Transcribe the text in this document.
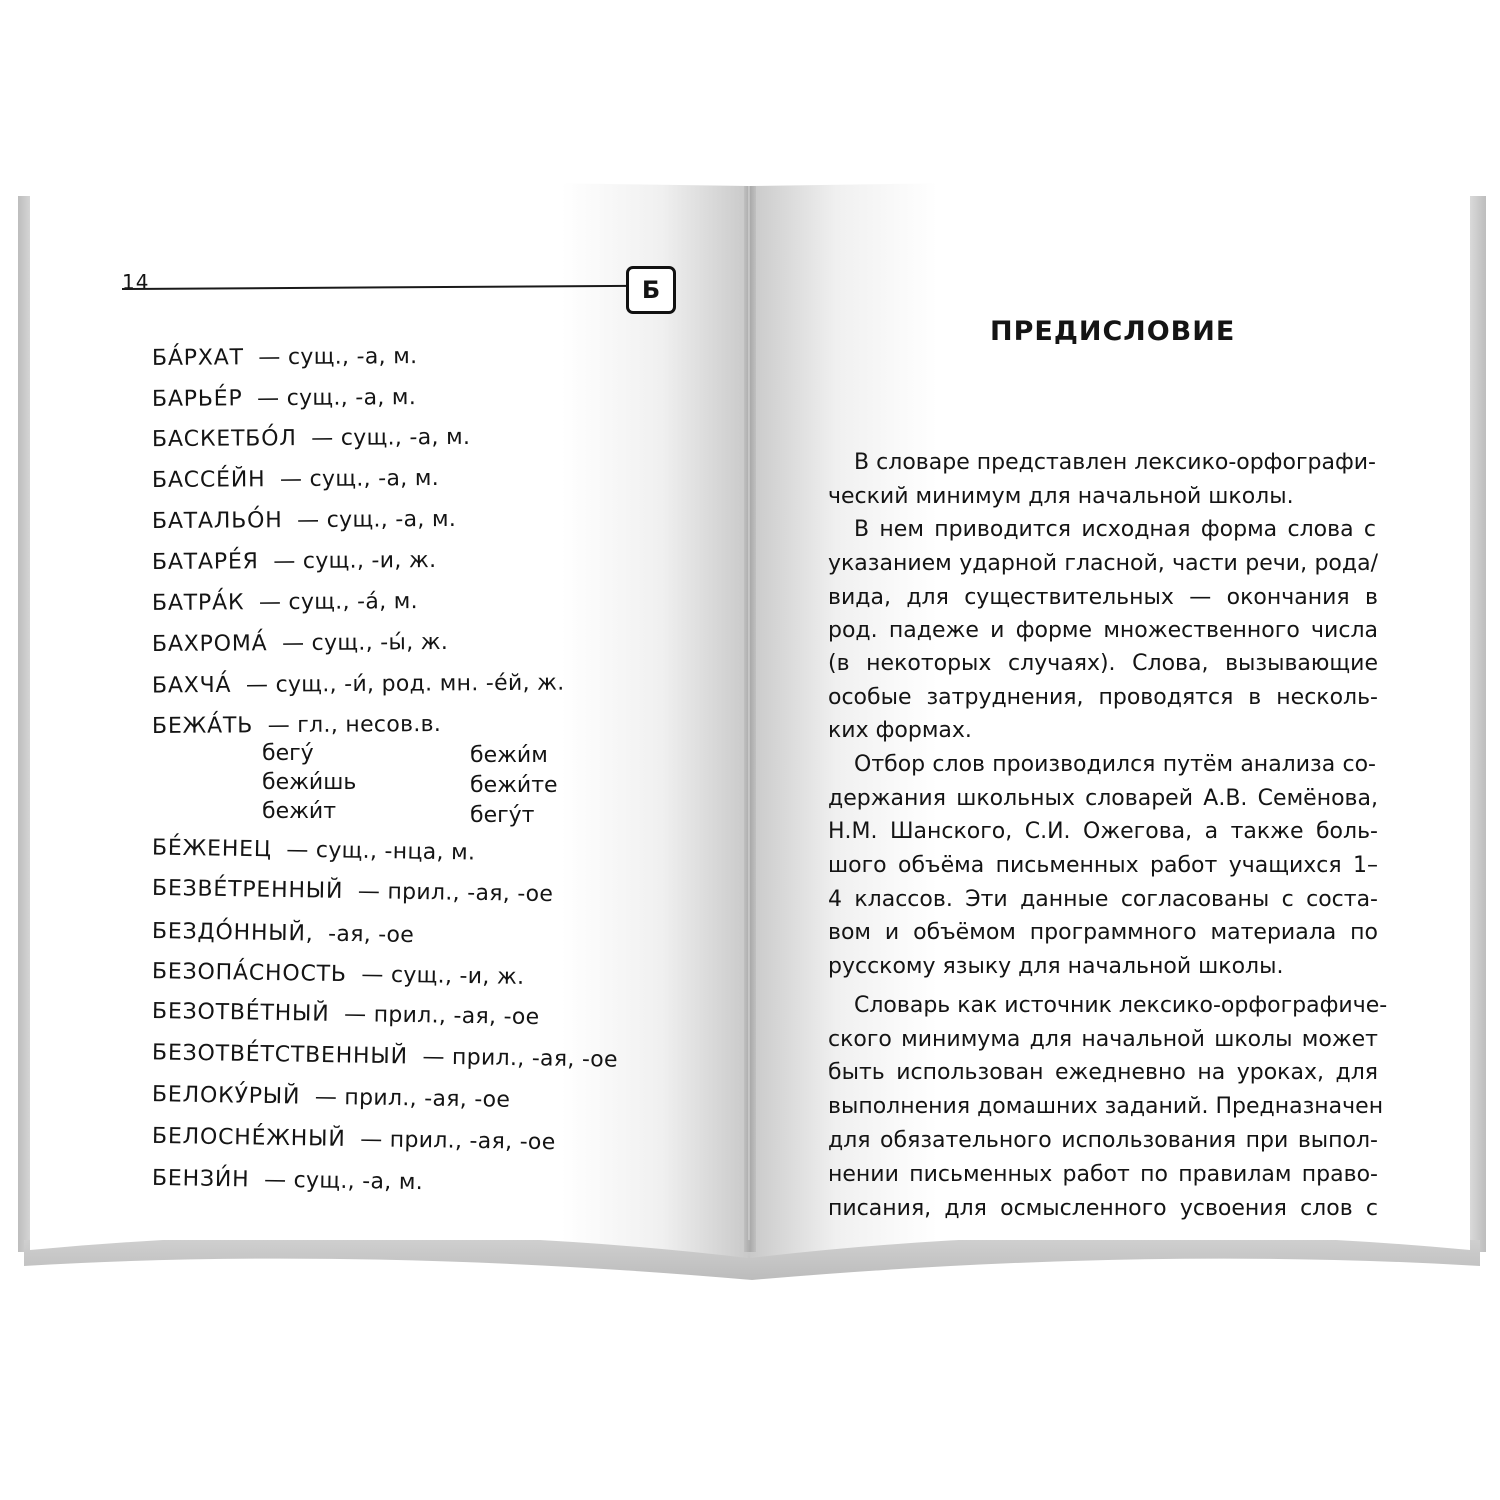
14	Б
БА́РХАТ — сущ., -а, м.
БАРЬЕ́Р — сущ., -а, м.
БАСКЕТБО́Л — сущ., -а, м.
БАССЕ́ЙН — сущ., -а, м.
БАТАЛЬО́Н — сущ., -а, м.
БАТАРЕ́Я — сущ., -и, ж.
БАТРА́К — сущ., -а́, м.
БАХРОМА́ — сущ., -ы́, ж.
БАХЧА́ — сущ., -и́, род. мн. -е́й, ж.
БЕЖА́ТЬ — гл., несов.в.
бегу́
бежи́шь
бежи́т
бежи́м
бежи́те
бегу́т
БЕ́ЖЕНЕЦ — сущ., -нца, м.
БЕЗВЕ́ТРЕННЫЙ — прил., -ая, -ое
БЕЗДО́ННЫЙ, -ая, -ое
БЕЗОПА́СНОСТЬ — сущ., -и, ж.
БЕЗОТВЕ́ТНЫЙ — прил., -ая, -ое
БЕЗОТВЕ́ТСТВЕННЫЙ — прил., -ая, -ое
БЕЛОКУ́РЫЙ — прил., -ая, -ое
БЕЛОСНЕ́ЖНЫЙ — прил., -ая, -ое
БЕНЗИ́Н — сущ., -а, м.
ПРЕДИСЛОВИЕ
В словаре представлен лексико-орфографи-
ческий минимум для начальной школы.
В нем приводится исходная форма слова с
указанием ударной гласной, части речи, рода/
вида, для существительных — окончания в
род. падеже и форме множественного числа
(в некоторых случаях). Слова, вызывающие
особые затруднения, проводятся в несколь-
ких формах.
Отбор слов производился путём анализа со-
держания школьных словарей А.В. Семёнова,
Н.М. Шанского, С.И. Ожегова, а также боль-
шого объёма письменных работ учащихся 1–
4 классов. Эти данные согласованы с соста-
вом и объёмом программного материала по
русскому языку для начальной школы.
Словарь как источник лексико-орфографиче-
ского минимума для начальной школы может
быть использован ежедневно на уроках, для
выполнения домашних заданий. Предназначен
для обязательного использования при выпол-
нении письменных работ по правилам право-
писания, для осмысленного усвоения слов с
